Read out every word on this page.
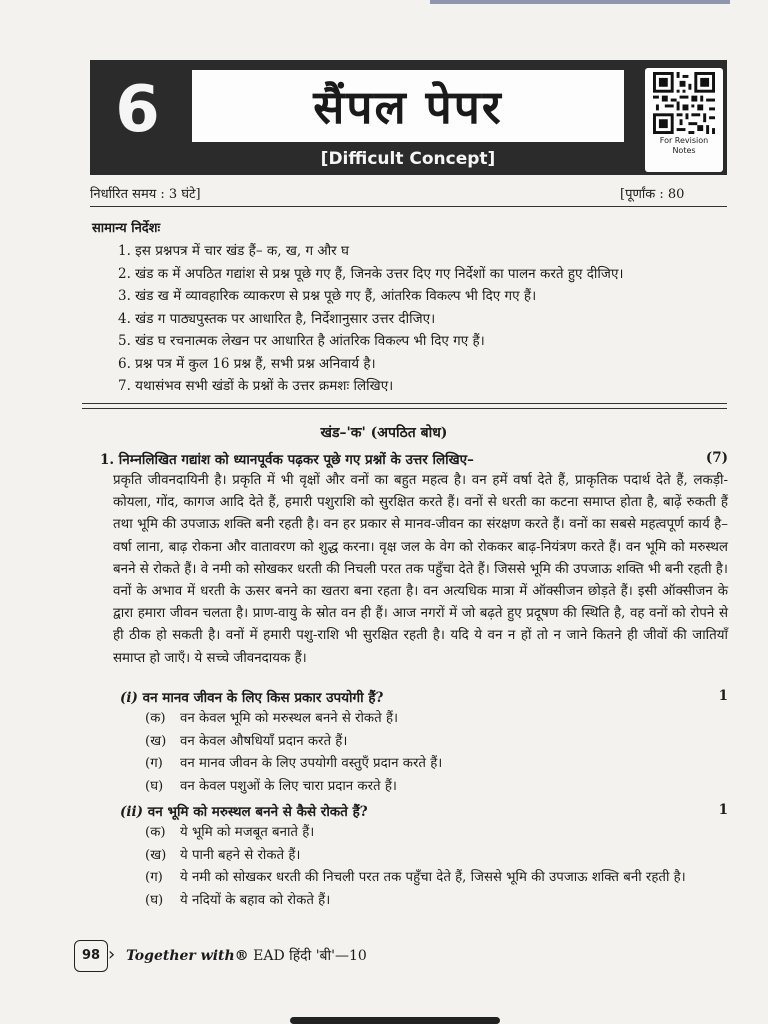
6	सैंपल पेपर
[Difficult Concept]
For Revision Notes
निर्धारित समय : 3 घंटे]	[पूर्णांक : 80
सामान्य निर्देशः
1. इस प्रश्नपत्र में चार खंड हैं– क, ख, ग और घ
2. खंड क में अपठित गद्यांश से प्रश्न पूछे गए हैं, जिनके उत्तर दिए गए निर्देशों का पालन करते हुए दीजिए।
3. खंड ख में व्यावहारिक व्याकरण से प्रश्न पूछे गए हैं, आंतरिक विकल्प भी दिए गए हैं।
4. खंड ग पाठ्यपुस्तक पर आधारित है, निर्देशानुसार उत्तर दीजिए।
5. खंड घ रचनात्मक लेखन पर आधारित है आंतरिक विकल्प भी दिए गए हैं।
6. प्रश्न पत्र में कुल 16 प्रश्न हैं, सभी प्रश्न अनिवार्य है।
7. यथासंभव सभी खंडों के प्रश्नों के उत्तर क्रमशः लिखिए।
खंड–'क' (अपठित बोध)
1. निम्नलिखित गद्यांश को ध्यानपूर्वक पढ़कर पूछे गए प्रश्नों के उत्तर लिखिए–	(7)
प्रकृति जीवनदायिनी है। प्रकृति में भी वृक्षों और वनों का बहुत महत्व है। वन हमें वर्षा देते हैं, प्राकृतिक पदार्थ देते हैं, लकड़ी-कोयला, गोंद, कागज आदि देते हैं, हमारी पशुराशि को सुरक्षित करते हैं। वनों से धरती का कटना समाप्त होता है, बाढ़ें रुकती हैं तथा भूमि की उपजाऊ शक्ति बनी रहती है। वन हर प्रकार से मानव-जीवन का संरक्षण करते हैं। वनों का सबसे महत्वपूर्ण कार्य है–वर्षा लाना, बाढ़ रोकना और वातावरण को शुद्ध करना। वृक्ष जल के वेग को रोककर बाढ़-नियंत्रण करते हैं। वन भूमि को मरुस्थल बनने से रोकते हैं। वे नमी को सोखकर धरती की निचली परत तक पहुँचा देते हैं। जिससे भूमि की उपजाऊ शक्ति भी बनी रहती है। वनों के अभाव में धरती के ऊसर बनने का खतरा बना रहता है। वन अत्यधिक मात्रा में ऑक्सीजन छोड़ते हैं। इसी ऑक्सीजन के द्वारा हमारा जीवन चलता है। प्राण-वायु के स्रोत वन ही हैं। आज नगरों में जो बढ़ते हुए प्रदूषण की स्थिति है, वह वनों को रोपने से ही ठीक हो सकती है। वनों में हमारी पशु-राशि भी सुरक्षित रहती है। यदि ये वन न हों तो न जाने कितने ही जीवों की जातियाँ समाप्त हो जाएँ। ये सच्चे जीवनदायक हैं।
(i) वन मानव जीवन के लिए किस प्रकार उपयोगी हैं?	1
(क)	वन केवल भूमि को मरुस्थल बनने से रोकते हैं।
(ख)	वन केवल औषधियाँ प्रदान करते हैं।
(ग)	वन मानव जीवन के लिए उपयोगी वस्तुएँ प्रदान करते हैं।
(घ)	वन केवल पशुओं के लिए चारा प्रदान करते हैं।
(ii) वन भूमि को मरुस्थल बनने से कैसे रोकते हैं?	1
(क)	ये भूमि को मजबूत बनाते हैं।
(ख)	ये पानी बहने से रोकते हैं।
(ग)	ये नमी को सोखकर धरती की निचली परत तक पहुँचा देते हैं, जिससे भूमि की उपजाऊ शक्ति बनी रहती है।
(घ)	ये नदियों के बहाव को रोकते हैं।
98 › Together with® EAD हिंदी 'बी'—10
